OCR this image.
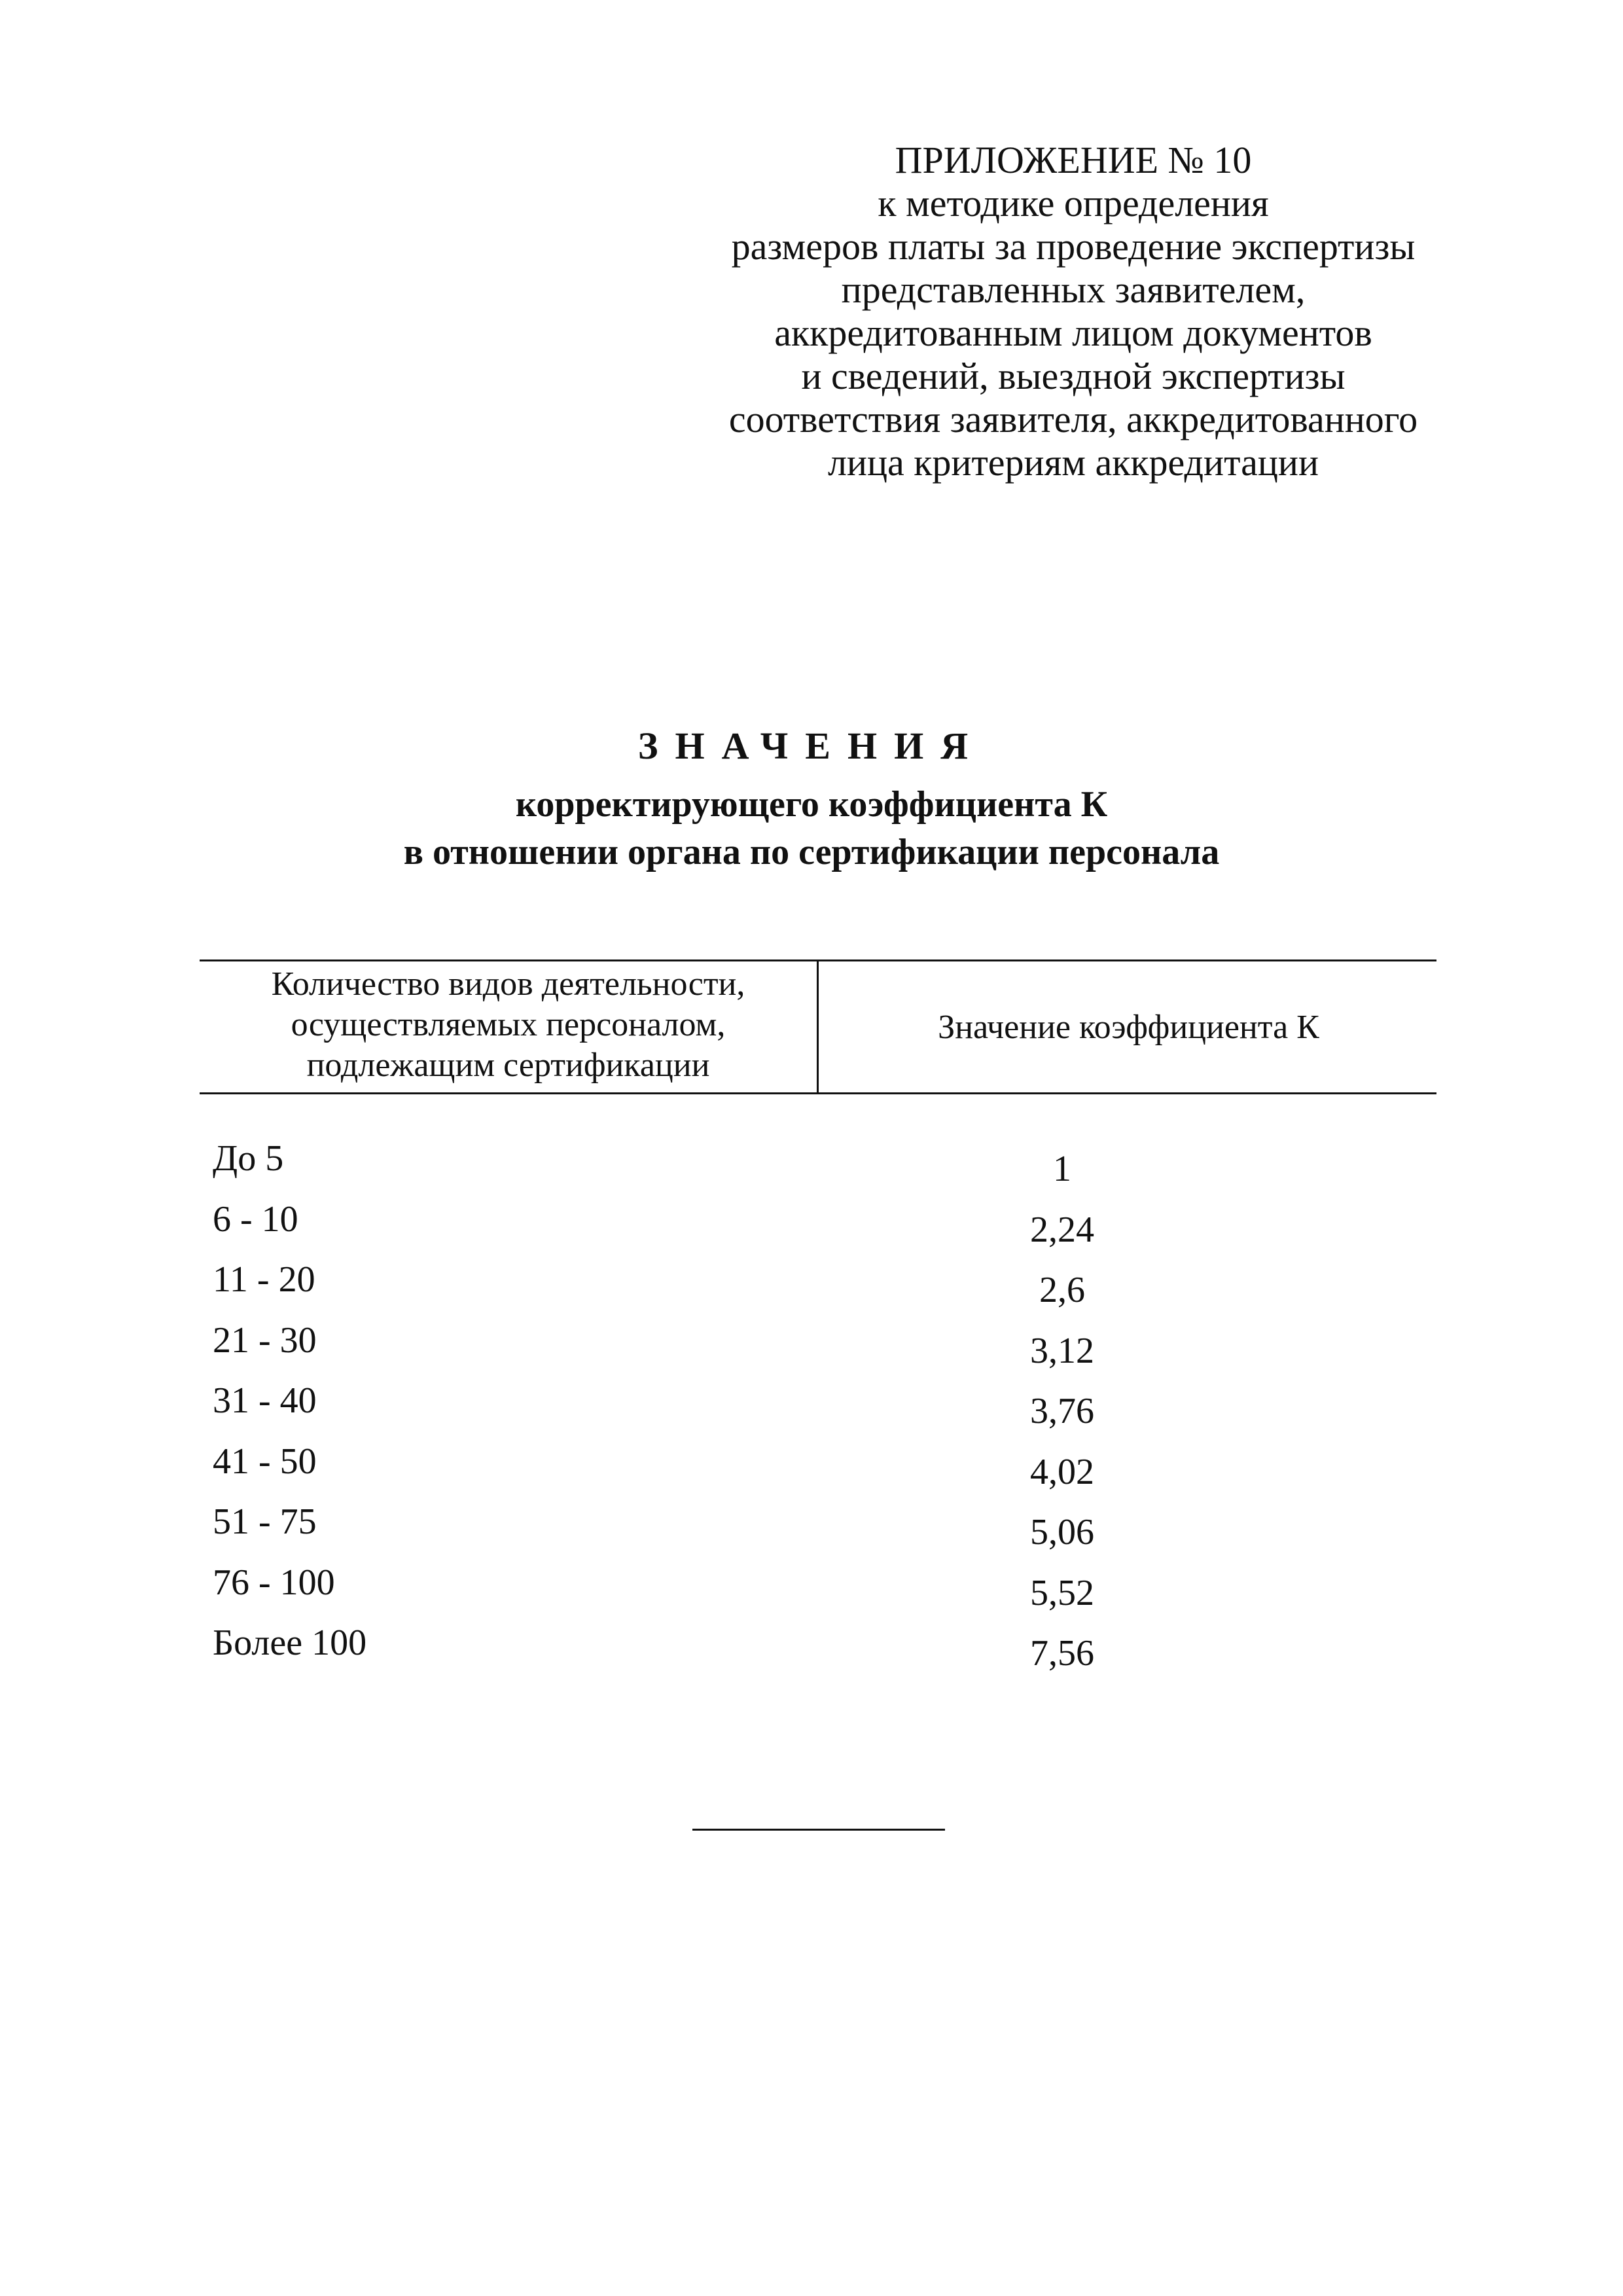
ПРИЛОЖЕНИЕ № 10
к методике определения
размеров платы за проведение экспертизы
представленных заявителем,
аккредитованным лицом документов
и сведений, выездной экспертизы
соответствия заявителя, аккредитованного
лица критериям аккредитации
ЗНАЧЕНИЯ
корректирующего коэффициента К
в отношении органа по сертификации персонала
Количество видов деятельности,
осуществляемых персоналом,
подлежащим сертификации
Значение коэффициента К
До 5	1
6 - 10	2,24
11 - 20	2,6
21 - 30	3,12
31 - 40	3,76
41 - 50	4,02
51 - 75	5,06
76 - 100	5,52
Более 100	7,56
